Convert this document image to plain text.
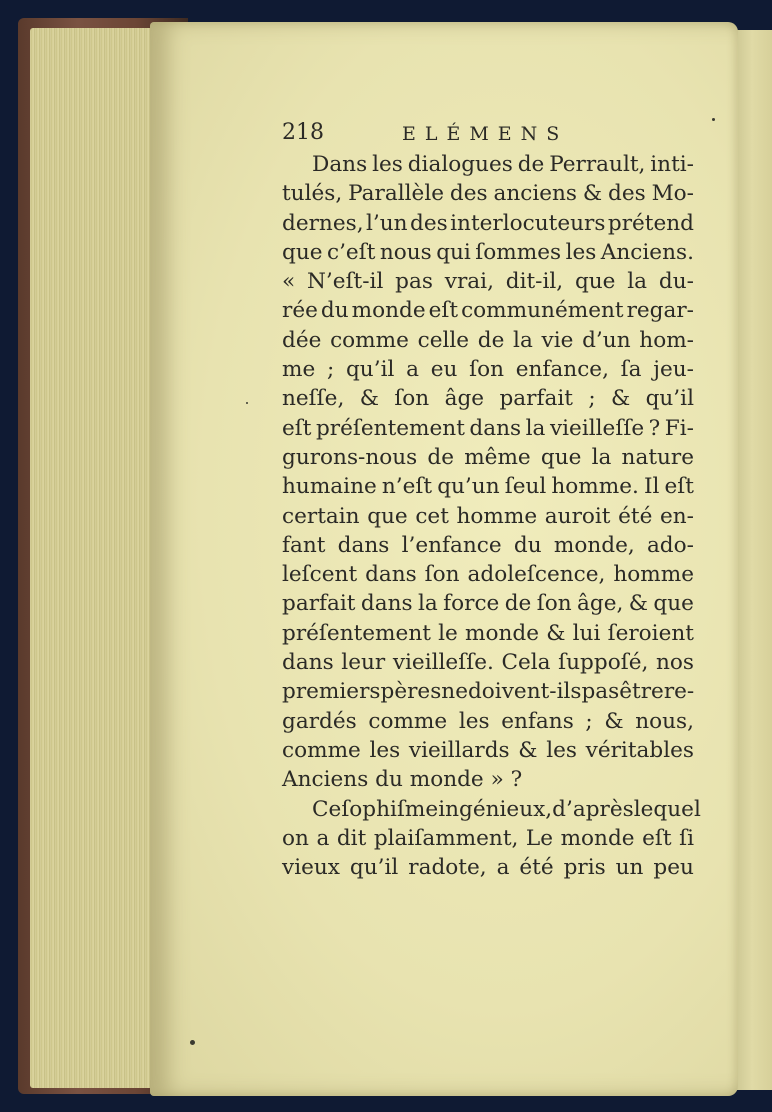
218	ELÉMENS
Dans les dialogues de Perrault, inti-
tulés, Parallèle des anciens & des Mo-
dernes, l’un des interlocuteurs prétend
que c’eſt nous qui ſommes les Anciens.
« N’eſt-il pas vrai, dit-il, que la du-
rée du monde eſt communément regar-
dée comme celle de la vie d’un hom-
me ; qu’il a eu ſon enfance, ſa jeu-
neſſe, & ſon âge parfait ; & qu’il
eſt préſentement dans la vieilleſſe ? Fi-
gurons-nous de même que la nature
humaine n’eſt qu’un ſeul homme. Il eſt
certain que cet homme auroit été en-
fant dans l’enfance du monde, ado-
leſcent dans ſon adoleſcence, homme
parfait dans la force de ſon âge, & que
préſentement le monde & lui ſeroient
dans leur vieilleſſe. Cela ſuppoſé, nos
premiers pères ne doivent-ils pas être re-
gardés comme les enfans ; & nous,
comme les vieillards & les véritables
Anciens du monde » ?
Ce ſophiſme ingénieux, d’après lequel
on a dit plaiſamment, Le monde eſt ſi
vieux qu’il radote, a été pris un peu
